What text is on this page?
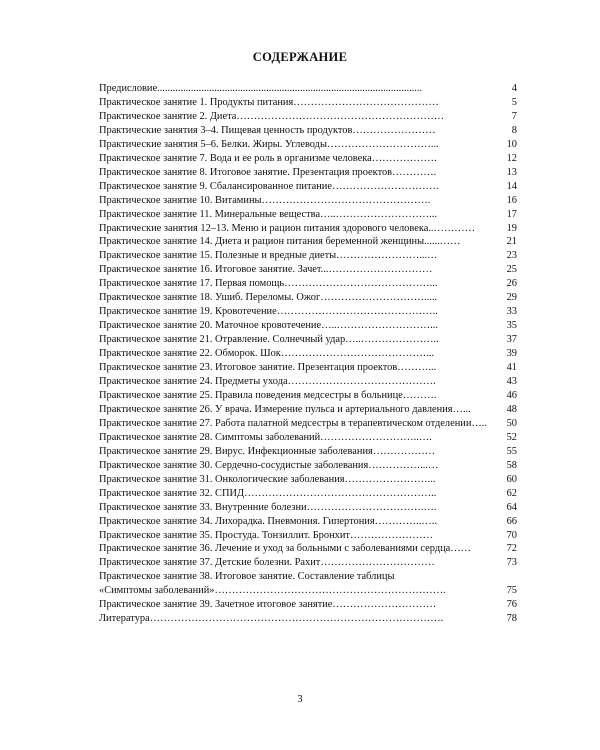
СОДЕРЖАНИЕ
Предисловие......................................................................................................	4
Практическое занятие 1. Продукты питания……………………………………	5
Практическое занятие 2. Диета……………………………………………………	7
Практические занятия 3–4. Пищевая ценность продуктов……………………	8
Практические занятия 5–6. Белки. Жиры. Углеводы…………………………...	10
Практическое занятие 7. Вода и ее роль в организме человека……………….	12
Практическое занятие 8. Итоговое занятие. Презентация проектов………….	13
Практическое занятие 9. Сбалансированное питание………………………….	14
Практическое занятие 10. Витамины………………………………………….	16
Практическое занятие 11. Минеральные вещества…..………………………...	17
Практические занятия 12–13. Меню и рацион питания здорового человека..…………	19
Практическое занятие 14. Диета и рацион питания беременной женщины......……	21
Практическое занятие 15. Полезные и вредные диеты……………………...…	23
Практическое занятие 16. Итоговое занятие. Зачет...…………………………	25
Практическое занятие 17. Первая помощь……………………………………...	26
Практическое занятие 18. Ушиб. Переломы. Ожог………………………….....	29
Практическое занятие 19. Кровотечение………………………………………..	33
Практическое занятие 20. Маточное кровотечение…..………………………...	35
Практическое занятие 21. Отравление. Солнечный удар…..…………………..	37
Практическое занятие 22. Обморок. Шок……………………………………...	39
Практическое занятие 23. Итоговое занятие. Презентация проектов………...	41
Практическое занятие 24. Предметы ухода…………………………………….	43
Практическое занятие 25. Правила поведения медсестры в больнице……….	46
Практическое занятие 26. У врача. Измерение пульса и артериального давления…...	48
Практическое занятие 27. Работа палатной медсестры в терапевтическом отделении…..	50
Практическое занятие 28. Симптомы заболеваний………………………..….	52
Практическое занятие 29. Вирус. Инфекционные заболевания………………	55
Практическое занятие 30. Сердечно-сосудистые заболевания……………...…	58
Практическое занятие 31. Онкологические заболевания……………………...	60
Практическое занятие 32. СПИД………………………………………………..	62
Практическое занятие 33. Внутренние болезни…………………………….….	64
Практическое занятие 34. Лихорадка. Пневмония. Гипертония…………..…..	66
Практическое занятие 35. Простуда. Тонзиллит. Бронхит……………………	70
Практическое занятие 36. Лечение и уход за больными с заболеваниями сердца……	72
Практическое занятие 37. Детские болезни. Рахит……………………………	73
Практическое занятие 38. Итоговое занятие. Составление таблицы
«Симптомы заболеваний»………………………………………………………….	75
Практическое занятие 39. Зачетное итоговое занятие…………………………	76
Литература………………………………………………………………………….	78
3
